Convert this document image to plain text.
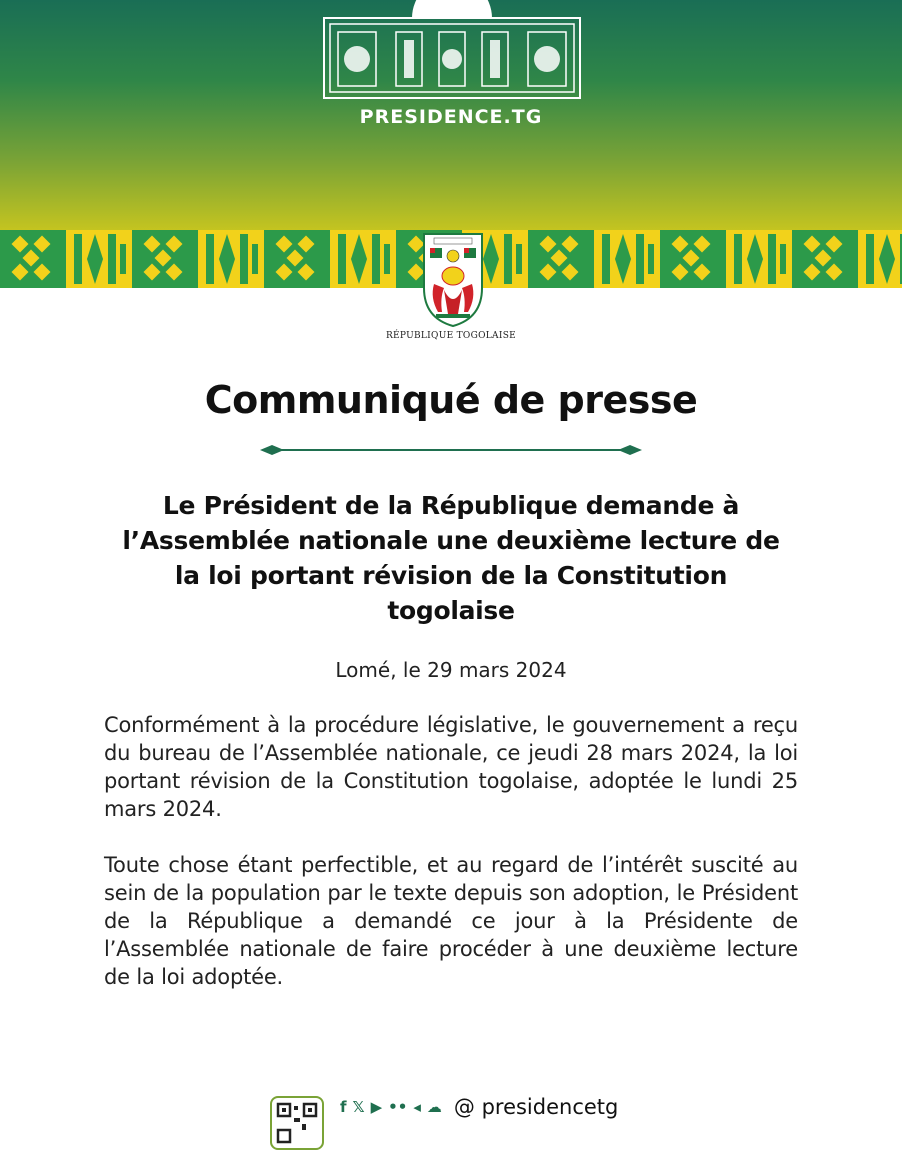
PRESIDENCE.TG
RÉPUBLIQUE TOGOLAISE
Communiqué de presse
Le Président de la République demande à l’Assemblée nationale une deuxième lecture de la loi portant révision de la Constitution togolaise
Lomé, le 29 mars 2024
Conformément à la procédure législative, le gouvernement a reçu du bureau de l’Assemblée nationale, ce jeudi 28 mars 2024, la loi portant révision de la Constitution togolaise, adoptée le lundi 25 mars 2024.
Toute chose étant perfectible, et au regard de l’intérêt suscité au sein de la population par le texte depuis son adoption, le Président de la République a demandé ce jour à la Présidente de l’Assemblée nationale de faire procéder à une deuxième lecture de la loi adoptée.
f 𝕏 ▶ •• ◂ ☁ @ presidencetg
